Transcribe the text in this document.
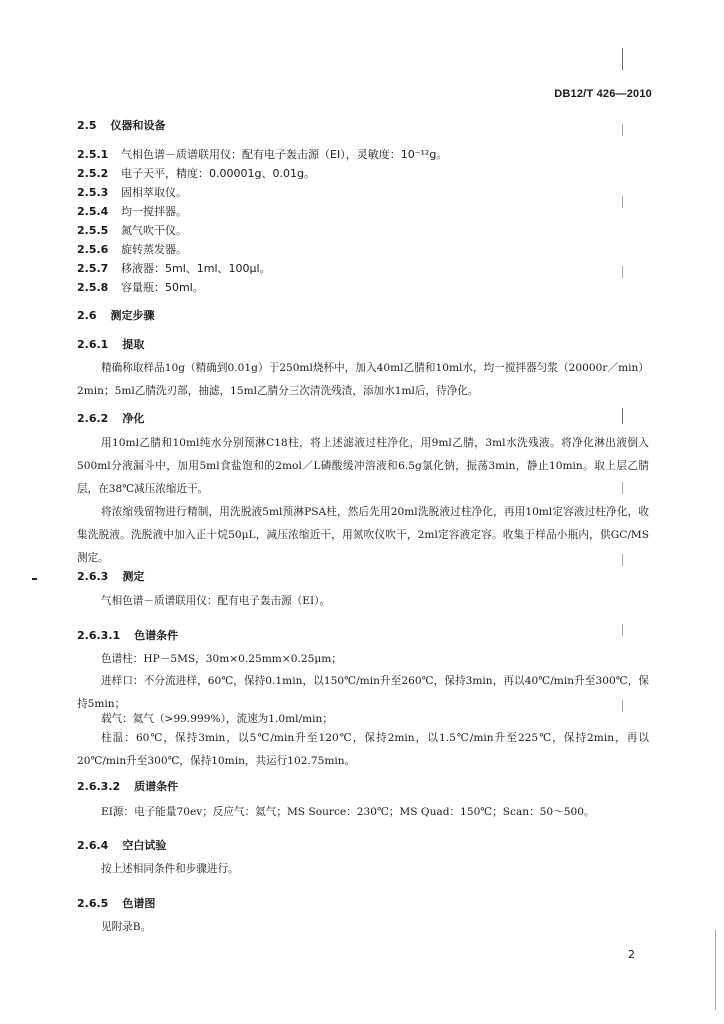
DB12/T 426—2010
2.5 仪器和设备
2.5.1 气相色谱－质谱联用仪：配有电子轰击源（EI），灵敏度：10⁻¹²g。
2.5.2 电子天平，精度：0.00001g、0.01g。
2.5.3 固相萃取仪。
2.5.4 均一搅拌器。
2.5.5 氮气吹干仪。
2.5.6 旋转蒸发器。
2.5.7 移液器：5ml、1ml、100μl。
2.5.8 容量瓶：50ml。
2.6 测定步骤
2.6.1 提取

精确称取样品10g（精确到0.01g）于250ml烧杯中，加入40ml乙腈和10ml水，均一搅拌器匀浆（20000r／min）2min；5ml乙腈洗刃部，抽滤，15ml乙腈分三次清洗残渣，添加水1ml后，待净化。

2.6.2 净化

用10ml乙腈和10ml纯水分别预淋C18柱，将上述滤液过柱净化，用9ml乙腈，3ml水洗残液。将净化淋出液倒入500ml分液漏斗中，加用5ml食盐饱和的2mol／L磷酸缓冲溶液和6.5g氯化钠，振荡3min，静止10min。取上层乙腈层，在38℃减压浓缩近干。

将浓缩残留物进行精制，用洗脱液5ml预淋PSA柱，然后先用20ml洗脱液过柱净化，再用10ml定容液过柱净化，收集洗脱液。洗脱液中加入正十烷50μL，减压浓缩近干，用氮吹仪吹干，2ml定容液定容。收集于样品小瓶内，供GC/MS测定。

2.6.3 测定

气相色谱－质谱联用仪：配有电子轰击源（EI）。

2.6.3.1 色谱条件

色谱柱：HP－5MS，30m×0.25mm×0.25μm；

进样口：不分流进样，60℃，保持0.1min，以150℃/min升至260℃，保持3min，再以40℃/min升至300℃，保持5min；

载气：氦气（>99.999%），流速为1.0ml/min；

柱温：60℃，保持3min，以5℃/min升至120℃，保持2min，以1.5℃/min升至225℃，保持2min，再以20℃/min升至300℃，保持10min，共运行102.75min。

2.6.3.2 质谱条件

EI源：电子能量70ev；反应气：氦气；MS Source：230℃；MS Quad：150℃；Scan：50～500。

2.6.4 空白试验

按上述相同条件和步骤进行。

2.6.5 色谱图

见附录B。

2
